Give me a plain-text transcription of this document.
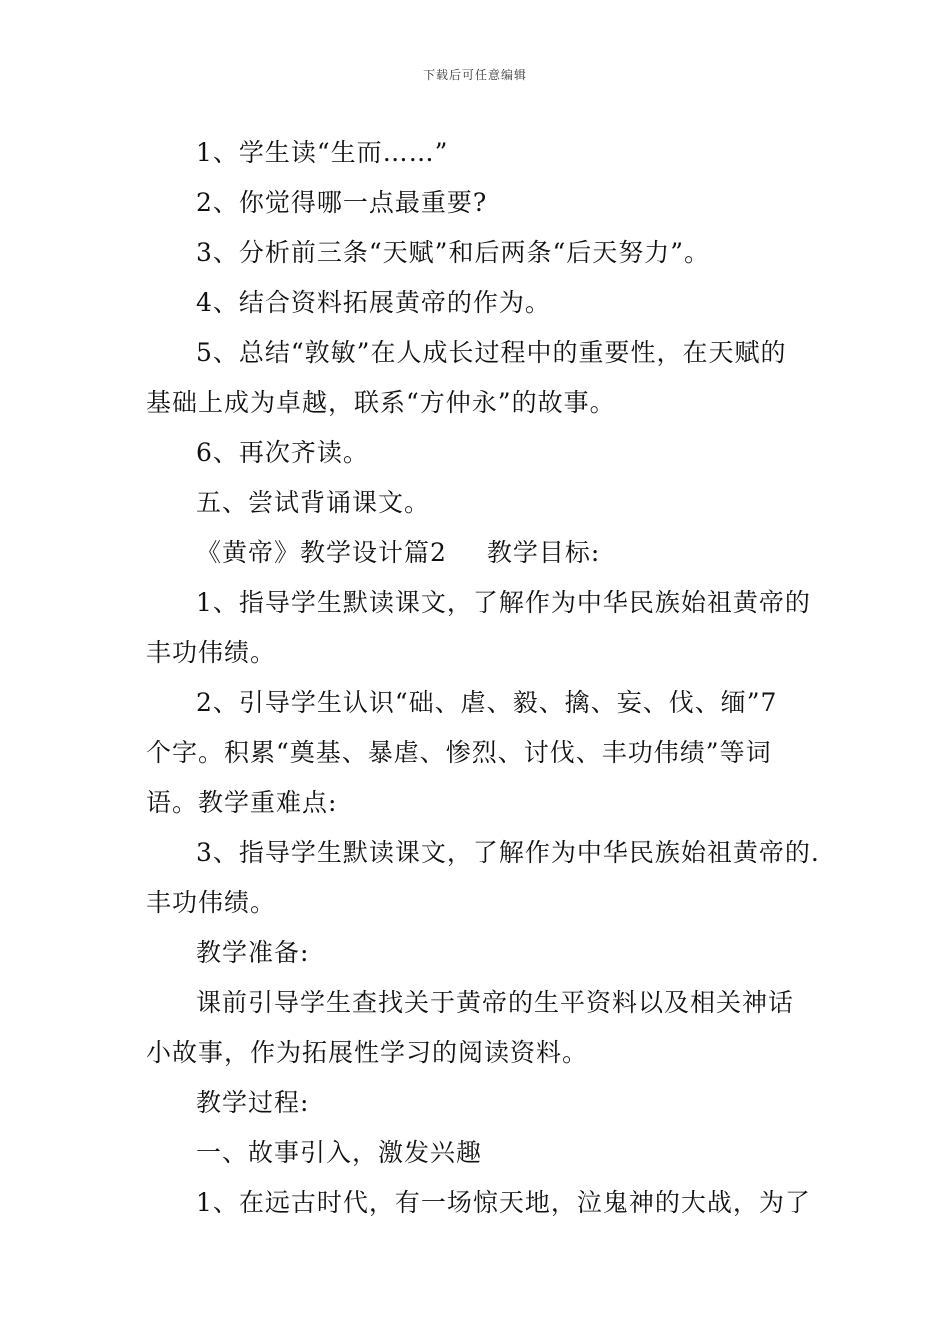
下载后可任意编辑
1、学生读“生而……”
2、你觉得哪一点最重要?
3、分析前三条“天赋”和后两条“后天努力”。
4、结合资料拓展黄帝的作为。
5、总结“敦敏”在人成长过程中的重要性，在天赋的
基础上成为卓越，联系“方仲永”的故事。
6、再次齐读。
五、尝试背诵课文。
《黄帝》教学设计篇2 教学目标:
1、指导学生默读课文，了解作为中华民族始祖黄帝的
丰功伟绩。
2、引导学生认识“础、虐、毅、擒、妄、伐、缅”7
个字。积累“奠基、暴虐、惨烈、讨伐、丰功伟绩”等词
语。教学重难点:
3、指导学生默读课文，了解作为中华民族始祖黄帝的.
丰功伟绩。
教学准备:
课前引导学生查找关于黄帝的生平资料以及相关神话
小故事，作为拓展性学习的阅读资料。
教学过程:
一、故事引入，激发兴趣
1、在远古时代，有一场惊天地，泣鬼神的大战，为了
